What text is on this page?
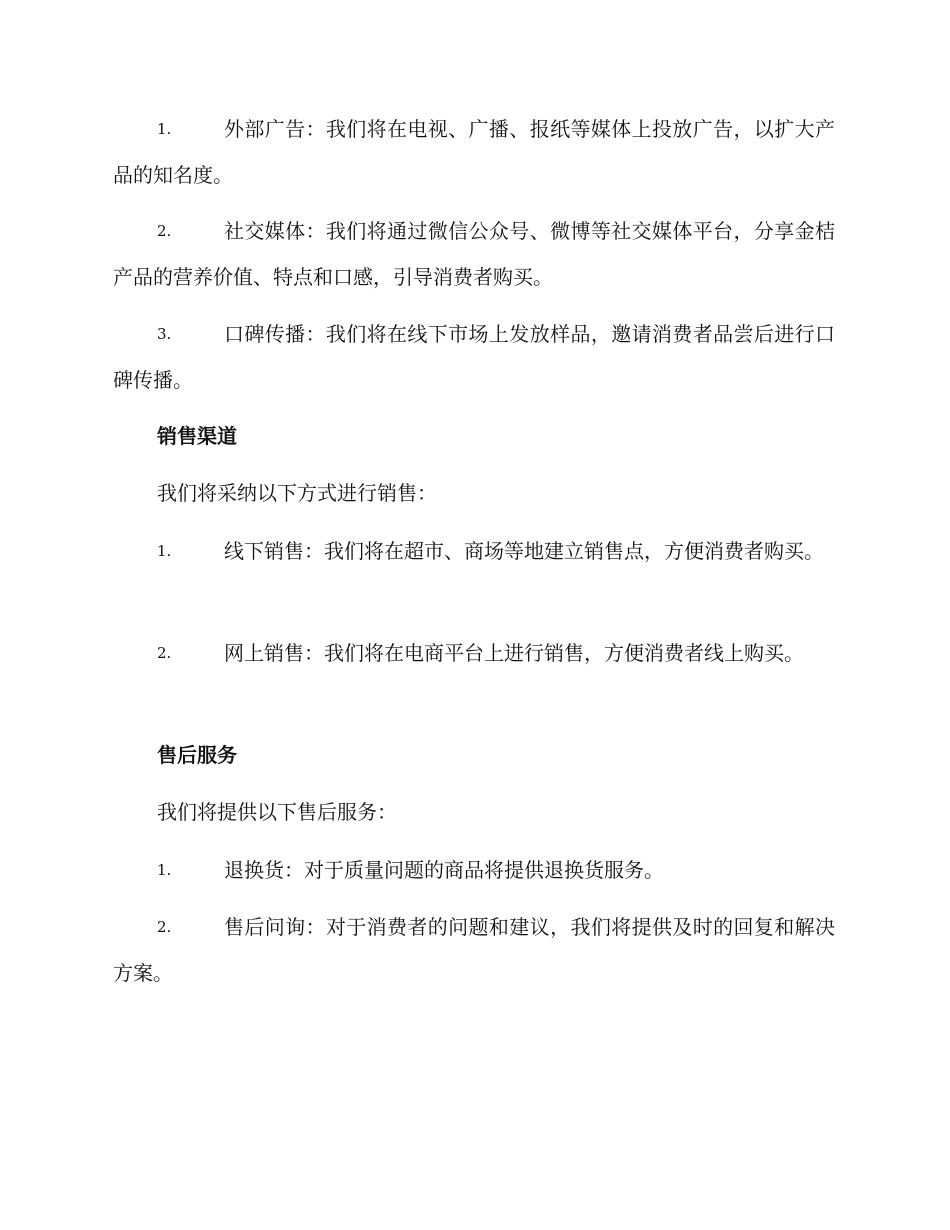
1.	外部广告：我们将在电视、广播、报纸等媒体上投放广告，以扩大产品的知名度。
2.	社交媒体：我们将通过微信公众号、微博等社交媒体平台，分享金桔产品的营养价值、特点和口感，引导消费者购买。
3.	口碑传播：我们将在线下市场上发放样品，邀请消费者品尝后进行口碑传播。
销售渠道
我们将采纳以下方式进行销售：
1.	线下销售：我们将在超市、商场等地建立销售点，方便消费者购买。
2.	网上销售：我们将在电商平台上进行销售，方便消费者线上购买。
售后服务
我们将提供以下售后服务：
1.	退换货：对于质量问题的商品将提供退换货服务。
2.	售后问询：对于消费者的问题和建议，我们将提供及时的回复和解决方案。
